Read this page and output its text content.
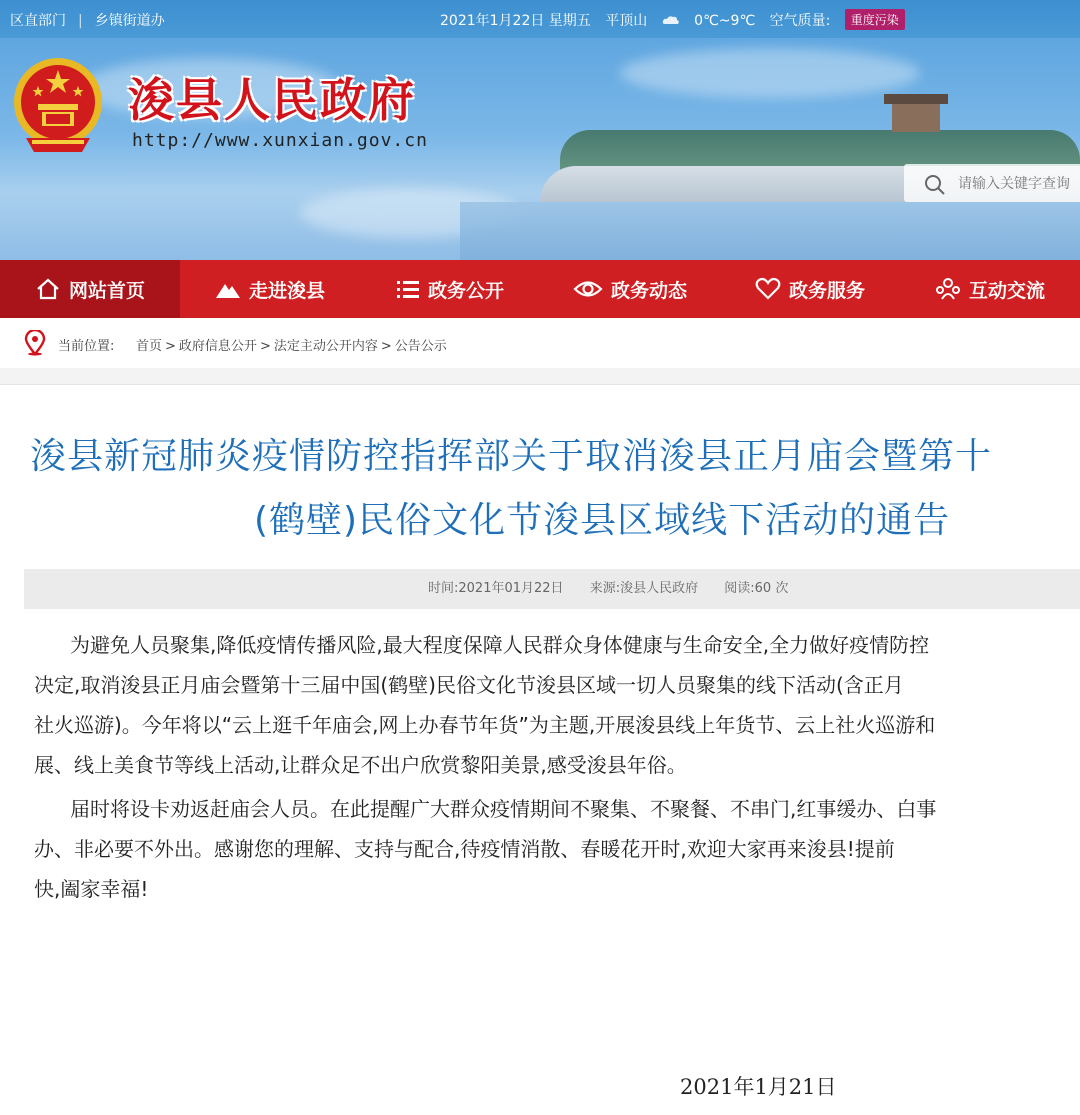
区直部门 | 乡镇街道办	2021年1月22日 星期五 平顶山	0℃~9℃ 空气质量: 重度污染
浚县人民政府
http://www.xunxian.gov.cn
请输入关键字查询
网站首页	走进浚县	政务公开	政务动态	政务服务	互动交流
当前位置: 首页 > 政府信息公开 > 法定主动公开内容 > 公告公示
浚县新冠肺炎疫情防控指挥部关于取消浚县正月庙会暨第十
(鹤壁)民俗文化节浚县区域线下活动的通告
时间:2021年01月22日 来源:浚县人民政府 阅读:60 次

为避免人员聚集,降低疫情传播风险,最大程度保障人民群众身体健康与生命安全,全力做好疫情防控

决定,取消浚县正月庙会暨第十三届中国(鹤壁)民俗文化节浚县区域一切人员聚集的线下活动(含正月

社火巡游)。今年将以“云上逛千年庙会,网上办春节年货”为主题,开展浚县线上年货节、云上社火巡游和

展、线上美食节等线上活动,让群众足不出户欣赏黎阳美景,感受浚县年俗。

届时将设卡劝返赶庙会人员。在此提醒广大群众疫情期间不聚集、不聚餐、不串门,红事缓办、白事

办、非必要不外出。感谢您的理解、支持与配合,待疫情消散、春暖花开时,欢迎大家再来浚县!提前

快,阖家幸福!

2021年1月21日
